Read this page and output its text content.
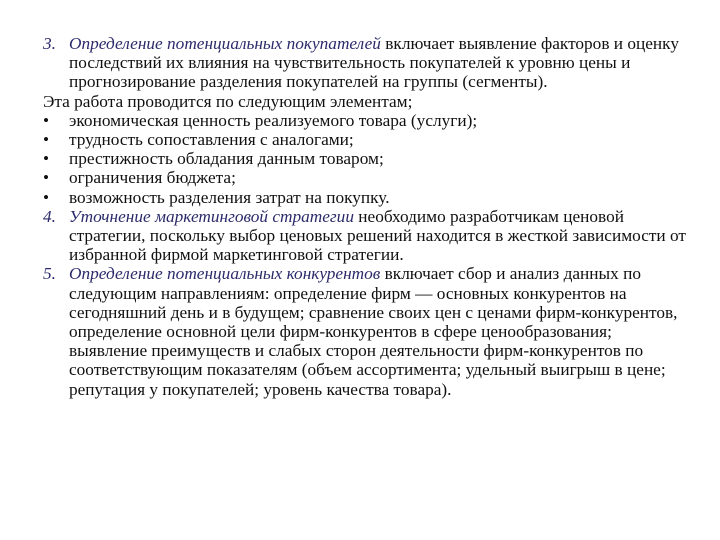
3. Определение потенциальных покупателей включает выявление факторов и оценку последствий их влияния на чувствительность покупателей к уровню цены и прогнозирование разделения покупателей на группы (сегменты).
Эта работа проводится по следующим элементам;
• экономическая ценность реализуемого товара (услуги);
• трудность сопоставления с аналогами;
• престижность обладания данным товаром;
• ограничения бюджета;
• возможность разделения затрат на покупку.
4. Уточнение маркетинговой стратегии необходимо разработчикам ценовой стратегии, поскольку выбор ценовых решений находится в жесткой зависимости от избранной фирмой маркетинговой стратегии.
5. Определение потенциальных конкурентов включает сбор и анализ данных по следующим направлениям: определение фирм — основных конкурентов на сегодняшний день и в будущем; сравнение своих цен с ценами фирм-конкурентов, определение основной цели фирм-конкурентов в сфере ценообразования; выявление преимуществ и слабых сторон деятельности фирм-конкурентов по соответствующим показателям (объем ассортимента; удельный выигрыш в цене; репутация у покупателей; уровень качества товара).
